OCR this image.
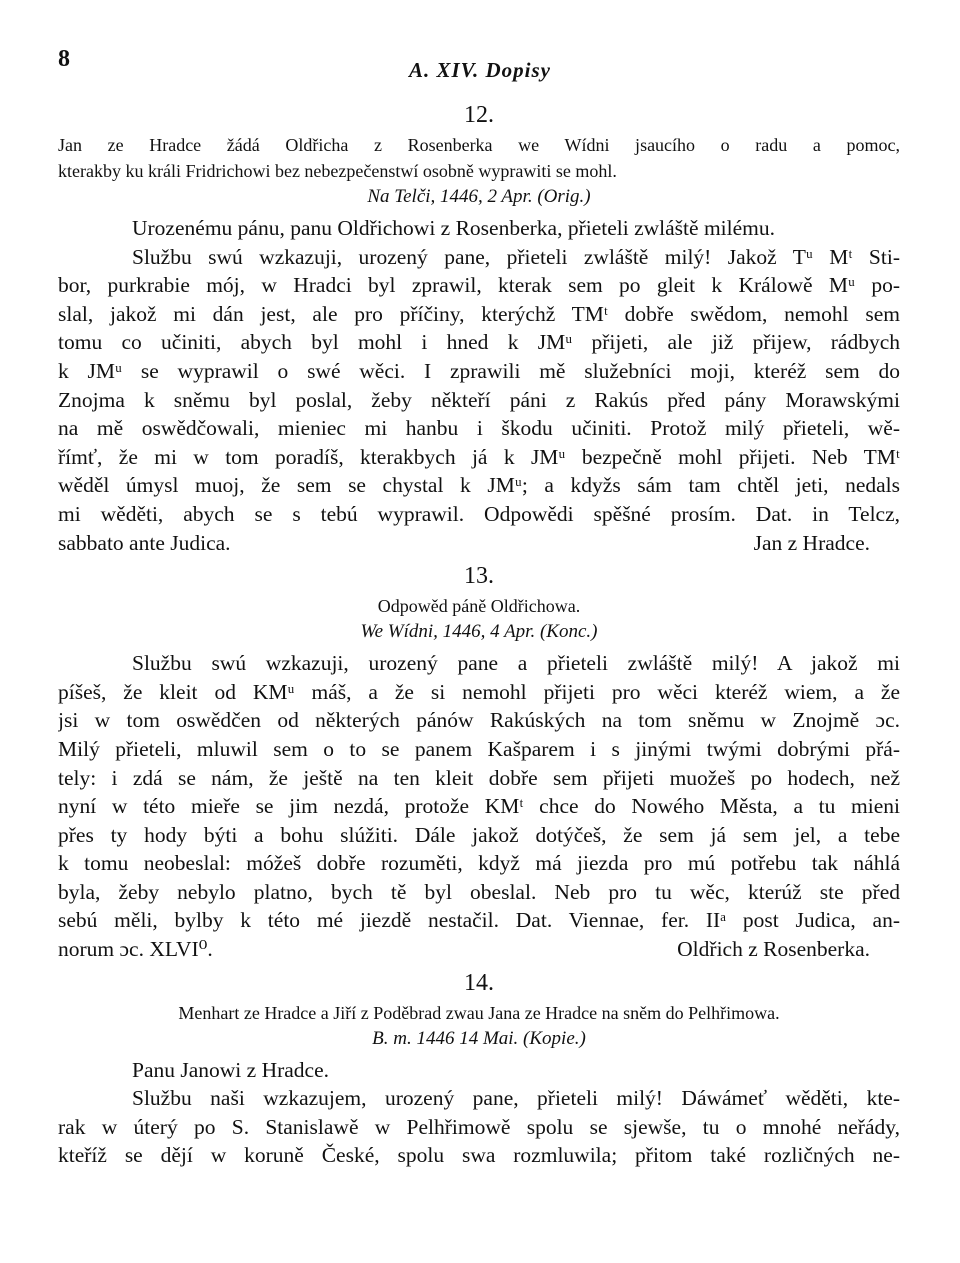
8	A. XIV. Dopisy
12.
Jan ze Hradce žádá Oldřicha z Rosenberka we Wídni jsaucího o radu a pomoc,
kterakby ku králi Fridrichowi bez nebezpečenstwí osobně wyprawiti se mohl.
Na Telči, 1446, 2 Apr. (Orig.)
Urozenému pánu, panu Oldřichowi z Rosenberka, přieteli zwláště milému.
Službu swú wzkazuji, urozený pane, přieteli zwláště milý! Jakož Tᵘ Mᵗ Sti-
bor, purkrabie mój, w Hradci byl zprawil, kterak sem po gleit k Králowě Mᵘ po-
slal, jakož mi dán jest, ale pro příčiny, kterýchž TMᵗ dobře swědom, nemohl sem
tomu co učiniti, abych byl mohl i hned k JMᵘ přijeti, ale již přijew, rádbych
k JMᵘ se wyprawil o swé wěci. I zprawili mě služebníci moji, kteréž sem do
Znojma k sněmu byl poslal, žeby někteří páni z Rakús před pány Morawskými
na mě oswědčowali, mieniec mi hanbu i škodu učiniti. Protož milý přieteli, wě-
římť, že mi w tom poradíš, kterakbych já k JMᵘ bezpečně mohl přijeti. Neb TMᵗ
wěděl úmysl muoj, že sem se chystal k JMᵘ; a kdyžs sám tam chtěl jeti, nedals
mi wěděti, abych se s tebú wyprawil. Odpowědi spěšné prosím. Dat. in Telcz,
sabbato ante Judica.	Jan z Hradce.
13.
Odpowěd páně Oldřichowa.
We Wídni, 1446, 4 Apr. (Konc.)
Službu swú wzkazuji, urozený pane a přieteli zwláště milý! A jakož mi
píšeš, že kleit od KMᵘ máš, a že si nemohl přijeti pro wěci kteréž wiem, a že
jsi w tom oswědčen od některých pánów Rakúských na tom sněmu w Znojmě ɔc.
Milý přieteli, mluwil sem o to se panem Kašparem i s jinými twými dobrými přá-
tely: i zdá se nám, že ještě na ten kleit dobře sem přijeti muožeš po hodech, než
nyní w této mieře se jim nezdá, protože KMᵗ chce do Nowého Města, a tu mieni
přes ty hody býti a bohu slúžiti. Dále jakož dotýčeš, že sem já sem jel, a tebe
k tomu neobeslal: móžeš dobře rozuměti, když má jiezda pro mú potřebu tak náhlá
byla, žeby nebylo platno, bych tě byl obeslal. Neb pro tu wěc, kterúž ste před
sebú měli, bylby k této mé jiezdě nestačil. Dat. Viennae, fer. IIᵃ post Judica, an-
norum ɔc. XLVI⁰.	Oldřich z Rosenberka.
14.
Menhart ze Hradce a Jiří z Poděbrad zwau Jana ze Hradce na sněm do Pelhřimowa.
B. m. 1446 14 Mai. (Kopie.)
Panu Janowi z Hradce.
Službu naši wzkazujem, urozený pane, přieteli milý! Dáwámeť wěděti, kte-
rak w úterý po S. Stanislawě w Pelhřimowě spolu se sjewše, tu o mnohé neřády,
kteříž se dějí w koruně České, spolu swa rozmluwila; přitom také rozličných ne-
